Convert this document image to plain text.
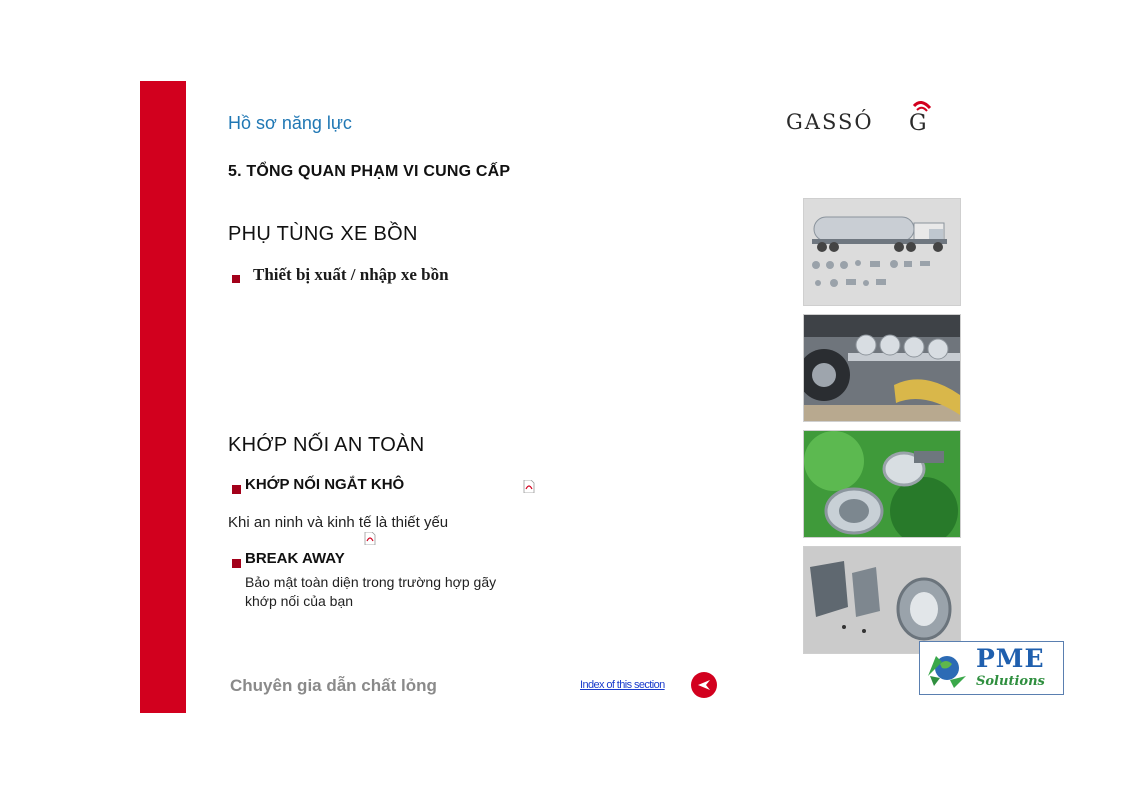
Hồ sơ năng lực
5. TỔNG QUAN PHẠM VI CUNG CẤP
GASSÓ G
PHỤ TÙNG XE BỒN
Thiết bị xuất / nhập xe bồn
KHỚP NỐI AN TOÀN
KHỚP NỐI NGẮT KHÔ
Khi an ninh và kinh tế là thiết yếu
BREAK AWAY
Bảo mật toàn diện trong trường hợp gãy
khớp nối của bạn
Chuyên gia dẫn chất lỏng	Index of this section
PME
Solutions
